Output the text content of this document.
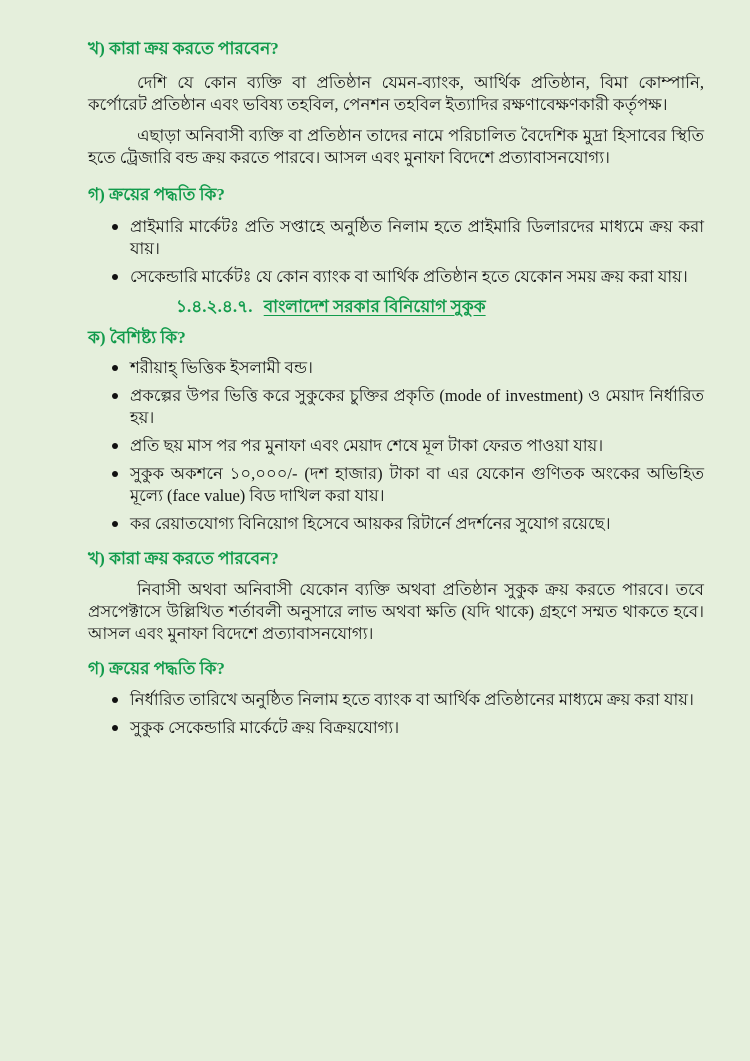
খ) কারা ক্রয় করতে পারবেন?

দেশি যে কোন ব্যক্তি বা প্রতিষ্ঠান যেমন-ব্যাংক, আর্থিক প্রতিষ্ঠান, বিমা কোম্পানি, কর্পোরেট প্রতিষ্ঠান এবং ভবিষ্য তহবিল, পেনশন তহবিল ইত্যাদির রক্ষণাবেক্ষণকারী কর্তৃপক্ষ।

এছাড়া অনিবাসী ব্যক্তি বা প্রতিষ্ঠান তাদের নামে পরিচালিত বৈদেশিক মুদ্রা হিসাবের স্থিতি হতে ট্রেজারি বন্ড ক্রয় করতে পারবে। আসল এবং মুনাফা বিদেশে প্রত্যাবাসনযোগ্য।

গ) ক্রয়ের পদ্ধতি কি?
প্রাইমারি মার্কেটঃ প্রতি সপ্তাহে অনুষ্ঠিত নিলাম হতে প্রাইমারি ডিলারদের মাধ্যমে ক্রয় করা যায়।
সেকেন্ডারি মার্কেটঃ যে কোন ব্যাংক বা আর্থিক প্রতিষ্ঠান হতে যেকোন সময় ক্রয় করা যায়।
১.৪.২.৪.৭. বাংলাদেশ সরকার বিনিয়োগ সুকুক
ক) বৈশিষ্ট্য কি?
শরীয়াহ্ ভিত্তিক ইসলামী বন্ড।
প্রকল্পের উপর ভিত্তি করে সুকুকের চুক্তির প্রকৃতি (mode of investment) ও মেয়াদ নির্ধারিত হয়।
প্রতি ছয় মাস পর পর মুনাফা এবং মেয়াদ শেষে মূল টাকা ফেরত পাওয়া যায়।
সুকুক অকশনে ১০,০০০/- (দশ হাজার) টাকা বা এর যেকোন গুণিতক অংকের অভিহিত মূল্যে (face value) বিড দাখিল করা যায়।
কর রেয়াতযোগ্য বিনিয়োগ হিসেবে আয়কর রিটার্নে প্রদর্শনের সুযোগ রয়েছে।
খ) কারা ক্রয় করতে পারবেন?

নিবাসী অথবা অনিবাসী যেকোন ব্যক্তি অথবা প্রতিষ্ঠান সুকুক ক্রয় করতে পারবে। তবে প্রসপেক্টাসে উল্লিখিত শর্তাবলী অনুসারে লাভ অথবা ক্ষতি (যদি থাকে) গ্রহণে সম্মত থাকতে হবে। আসল এবং মুনাফা বিদেশে প্রত্যাবাসনযোগ্য।

গ) ক্রয়ের পদ্ধতি কি?
নির্ধারিত তারিখে অনুষ্ঠিত নিলাম হতে ব্যাংক বা আর্থিক প্রতিষ্ঠানের মাধ্যমে ক্রয় করা যায়।
সুকুক সেকেন্ডারি মার্কেটে ক্রয় বিক্রয়যোগ্য।
